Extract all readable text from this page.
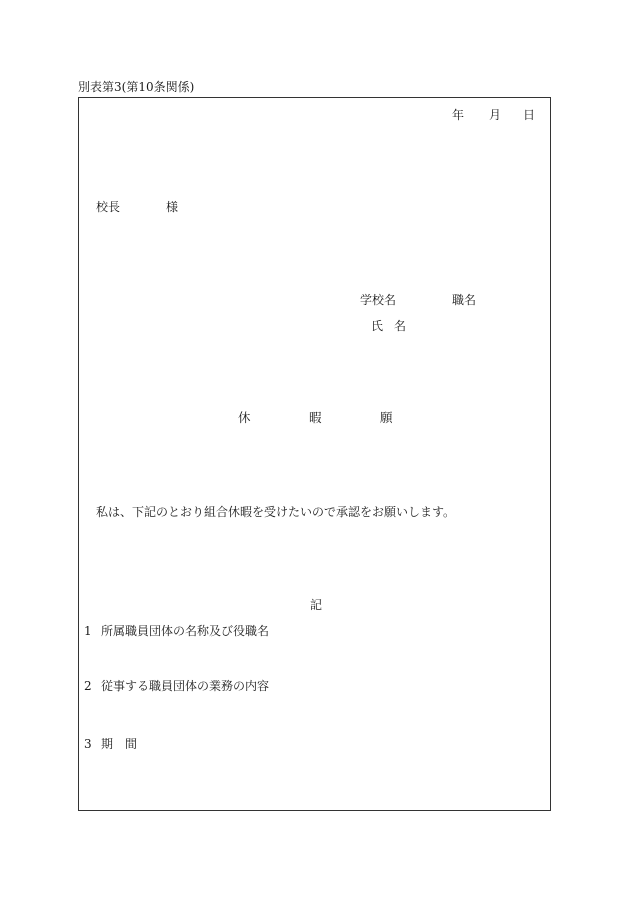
別表第3(第10条関係)
年 月 日
校長	様
学校名	職名
氏 名
休	暇	願
私は、下記のとおり組合休暇を受けたいので承認をお願いします。
記
1 所属職員団体の名称及び役職名
2 従事する職員団体の業務の内容
3 期 間
